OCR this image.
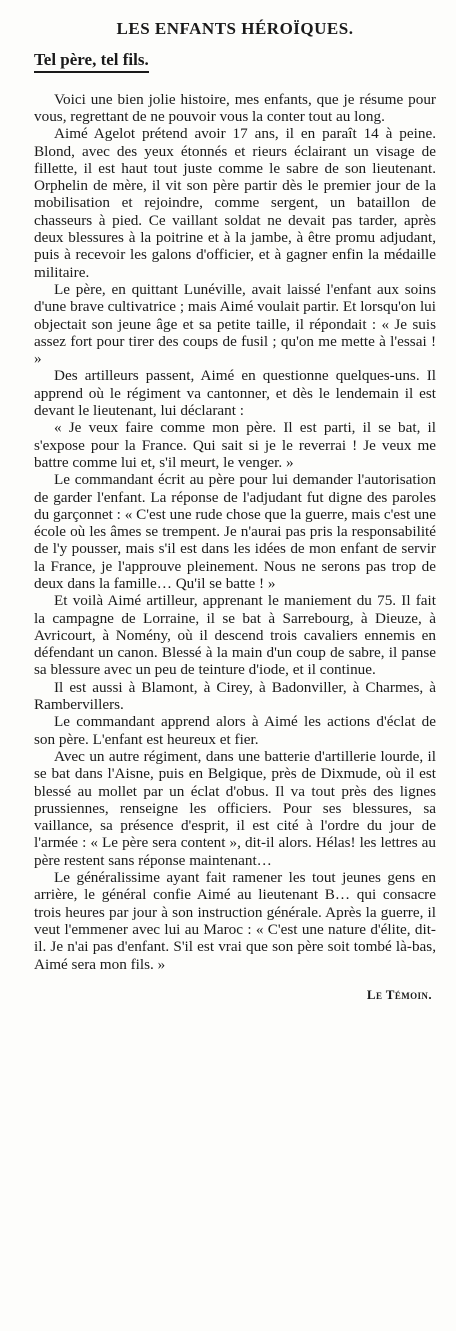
LES ENFANTS HÉROÏQUES.
Tel père, tel fils.

Voici une bien jolie histoire, mes enfants, que je résume pour vous, regrettant de ne pouvoir vous la conter tout au long.

Aimé Agelot prétend avoir 17 ans, il en paraît 14 à peine. Blond, avec des yeux étonnés et rieurs éclairant un visage de fillette, il est haut tout juste comme le sabre de son lieutenant. Orphelin de mère, il vit son père partir dès le premier jour de la mobilisation et rejoindre, comme sergent, un bataillon de chasseurs à pied. Ce vaillant soldat ne devait pas tarder, après deux blessures à la poitrine et à la jambe, à être promu adjudant, puis à recevoir les galons d'officier, et à gagner enfin la médaille militaire.

Le père, en quittant Lunéville, avait laissé l'enfant aux soins d'une brave cultivatrice ; mais Aimé voulait partir. Et lorsqu'on lui objectait son jeune âge et sa petite taille, il répondait : « Je suis assez fort pour tirer des coups de fusil ; qu'on me mette à l'essai ! »

Des artilleurs passent, Aimé en questionne quelques-uns. Il apprend où le régiment va cantonner, et dès le lendemain il est devant le lieutenant, lui déclarant :

« Je veux faire comme mon père. Il est parti, il se bat, il s'expose pour la France. Qui sait si je le reverrai ! Je veux me battre comme lui et, s'il meurt, le venger. »

Le commandant écrit au père pour lui demander l'autorisation de garder l'enfant. La réponse de l'adjudant fut digne des paroles du garçonnet : « C'est une rude chose que la guerre, mais c'est une école où les âmes se trempent. Je n'aurai pas pris la responsabilité de l'y pousser, mais s'il est dans les idées de mon enfant de servir la France, je l'approuve pleinement. Nous ne serons pas trop de deux dans la famille… Qu'il se batte ! »

Et voilà Aimé artilleur, apprenant le maniement du 75. Il fait la campagne de Lorraine, il se bat à Sarrebourg, à Dieuze, à Avricourt, à Nomény, où il descend trois cavaliers ennemis en défendant un canon. Blessé à la main d'un coup de sabre, il panse sa blessure avec un peu de teinture d'iode, et il continue.

Il est aussi à Blamont, à Cirey, à Badonviller, à Charmes, à Rambervillers.

Le commandant apprend alors à Aimé les actions d'éclat de son père. L'enfant est heureux et fier.

Avec un autre régiment, dans une batterie d'artillerie lourde, il se bat dans l'Aisne, puis en Belgique, près de Dixmude, où il est blessé au mollet par un éclat d'obus. Il va tout près des lignes prussiennes, renseigne les officiers. Pour ses blessures, sa vaillance, sa présence d'esprit, il est cité à l'ordre du jour de l'armée : « Le père sera content », dit-il alors. Hélas! les lettres au père restent sans réponse maintenant…

Le généralissime ayant fait ramener les tout jeunes gens en arrière, le général confie Aimé au lieutenant B… qui consacre trois heures par jour à son instruction générale. Après la guerre, il veut l'emmener avec lui au Maroc : « C'est une nature d'élite, dit-il. Je n'ai pas d'enfant. S'il est vrai que son père soit tombé là-bas, Aimé sera mon fils. »

Le Témoin.
